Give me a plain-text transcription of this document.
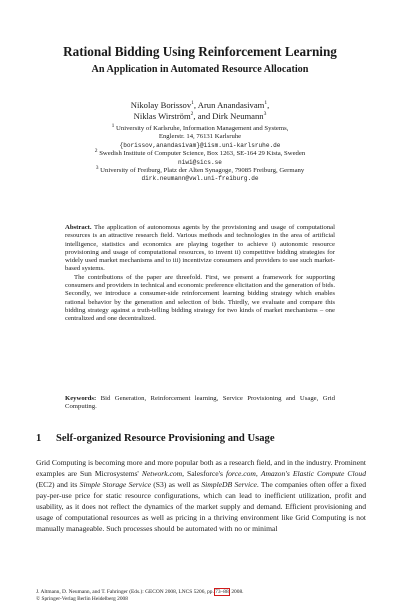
Rational Bidding Using Reinforcement Learning
An Application in Automated Resource Allocation
Nikolay Borissov$^1$, Arun Anandasivam$^1$,
Niklas Wirström$^2$, and Dirk Neumann$^3$
$^1$ University of Karlsruhe, Information Management and Systems,
Englerstr. 14, 76131 Karlsruhe
{borissov,anandasivam}@iism.uni-karlsruhe.de
$^2$ Swedish Institute of Computer Science, Box 1263, SE-164 29 Kista, Sweden
niwi@sics.se
$^3$ University of Freiburg, Platz der Alten Synagoge, 79085 Freiburg, Germany
dirk.neumann@vwl.uni-freiburg.de

Abstract. The application of autonomous agents by the provisioning and usage of computational resources is an attractive research field. Various methods and technologies in the area of artificial intelligence, statistics and economics are playing together to achieve i) autonomic resource provisioning and usage of computational resources, to invent ii) competitive bidding strategies for widely used market mechanisms and to iii) incentivize consumers and providers to use such market-based systems.

The contributions of the paper are threefold. First, we present a framework for supporting consumers and providers in technical and economic preference elicitation and the generation of bids. Secondly, we introduce a consumer-side reinforcement learning bidding strategy which enables rational behavior by the generation and selection of bids. Thirdly, we evaluate and compare this bidding strategy against a truth-telling bidding strategy for two kinds of market mechanisms – one centralized and one decentralized.

Keywords: Bid Generation, Reinforcement learning, Service Provisioning and Usage, Grid Computing.
1 Self-organized Resource Provisioning and Usage

Grid Computing is becoming more and more popular both as a research field, and in the industry. Prominent examples are Sun Microsystems' Network.com, Salesforce's force.com, Amazon's Elastic Compute Cloud (EC2) and its Simple Storage Service (S3) as well as SimpleDB Service. The companies often offer a fixed pay-per-use price for static resource configurations, which can lead to inefficient utilization, profit and usability, as it does not reflect the dynamics of the market supply and demand. Efficient provisioning and usage of computational resources as well as pricing in a thriving environment like Grid Computing is not manually manageable. Such processes should be automated with no or minimal

J. Altmann, D. Neumann, and T. Fahringer (Eds.): GECON 2008, LNCS 5206, pp. 73–88, 2008.

© Springer-Verlag Berlin Heidelberg 2008
